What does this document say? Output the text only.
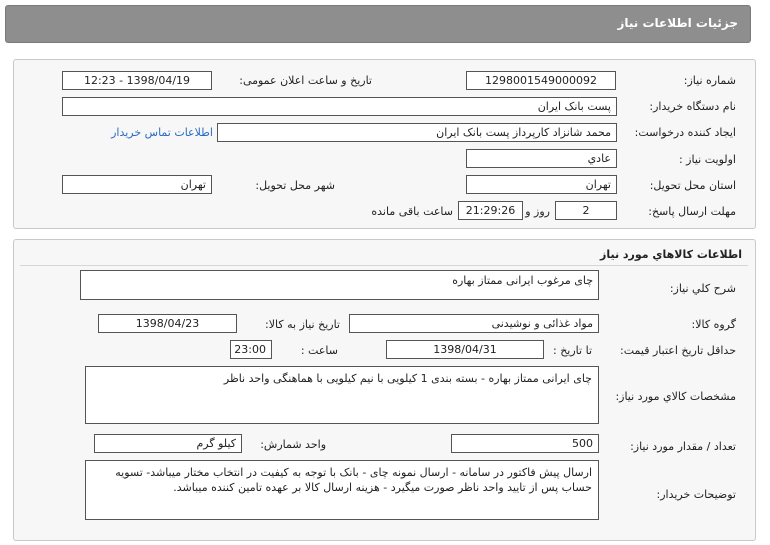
جزئیات اطلاعات نیاز
شماره نیاز:
1298001549000092
تاریخ و ساعت اعلان عمومی:
1398/04/19 - 12:23
نام دستگاه خریدار:
پست بانک ایران
ایجاد کننده درخواست:
محمد شانزاد کارپرداز پست بانک ایران
اطلاعات تماس خریدار
اولویت نیاز :
عادي
استان محل تحویل:
تهران
شهر محل تحویل:
تهران
مهلت ارسال پاسخ:
2
روز و
21:29:26
ساعت باقی مانده
اطلاعات کالاهاي مورد نياز
شرح کلي نياز:
چای مرغوب ایرانی ممتاز بهاره
گروه کالا:
مواد غذائی و نوشیدنی
تاریخ نیاز به کالا:
1398/04/23
حداقل تاریخ اعتبار قیمت:
تا تاریخ :
1398/04/31
ساعت :
23:00
مشخصات کالاي مورد نياز:
چای ایرانی ممتاز بهاره - بسته بندی 1 کیلویی با نیم کیلویی با هماهنگی واحد ناظر
تعداد / مقدار مورد نیاز:
500
واحد شمارش:
کیلو گرم
توضیحات خریدار:
ارسال پیش فاکتور در سامانه - ارسال نمونه چای - بانک با توجه به کیفیت در انتخاب مختار میباشد- تسویه حساب پس از تایید واحد ناظر صورت میگیرد - هزینه ارسال کالا بر عهده تامین کننده میباشد.
